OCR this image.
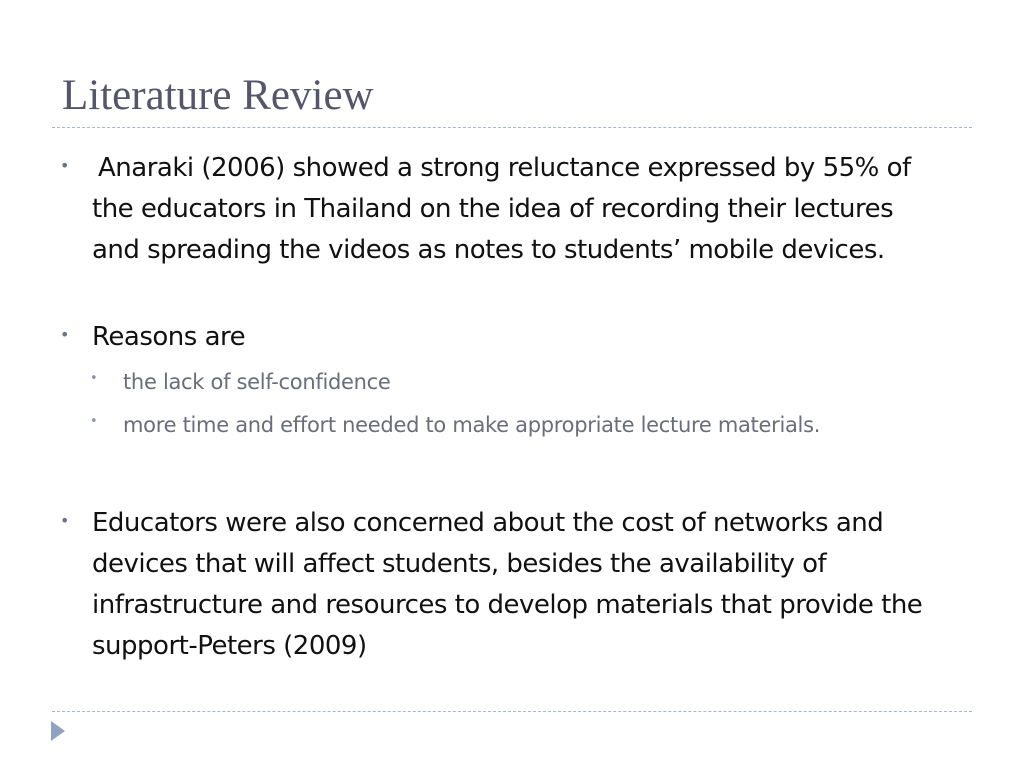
Literature Review
• Anaraki (2006) showed a strong reluctance expressed by 55% of the educators in Thailand on the idea of recording their lectures and spreading the videos as notes to students’ mobile devices.

• Reasons are

• the lack of self-confidence

• more time and effort needed to make appropriate lecture materials.

• Educators were also concerned about the cost of networks and devices that will affect students, besides the availability of infrastructure and resources to develop materials that provide the support-Peters (2009)
